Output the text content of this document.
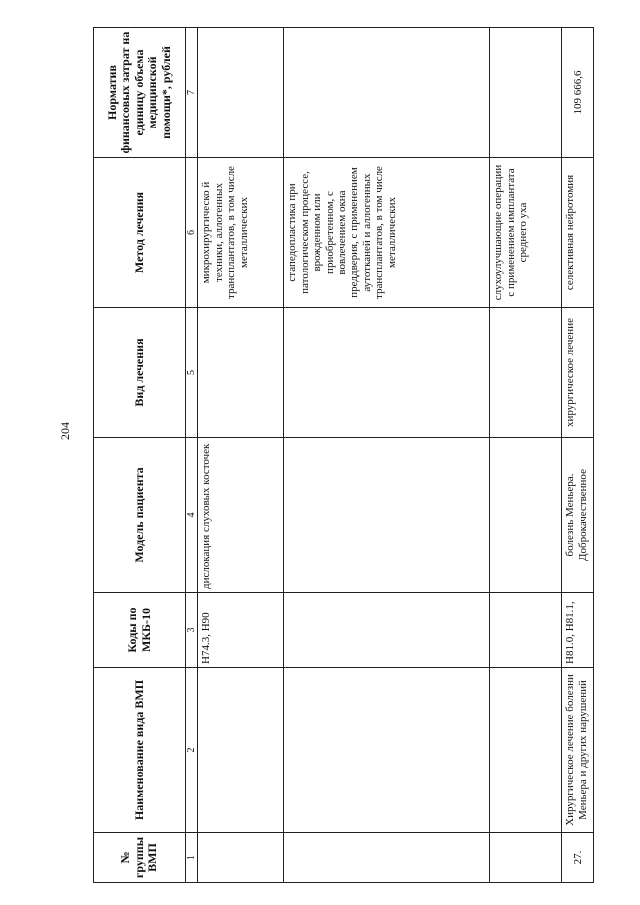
204
№ группы ВМП	Наименование вида ВМП	Коды по МКБ-10	Модель пациента	Вид лечения	Метод лечения	Норматив финансовых затрат на единицу объема медицинской помощи*, рублей
1	2	3	4	5	6	7
		H74.3, H90	дислокация слуховых косточек		микрохирургическо й техники, аллогенных трансплантатов, в том числе металлических	
					стапедопластика при патологическом процессе, врожденном или приобретенном, с вовлечением окна преддверия, с применением аутотканей и аллогенных трансплантатов, в том числе металлических	
					слухоулучшающие операции с применением имплантата среднего уха	
27.	Хирургическое лечение болезни Меньера и других нарушений	H81.0, H81.1,	болезнь Меньера. Доброкачественное	хирургическое лечение	селективная нейротомия	109 666,6
